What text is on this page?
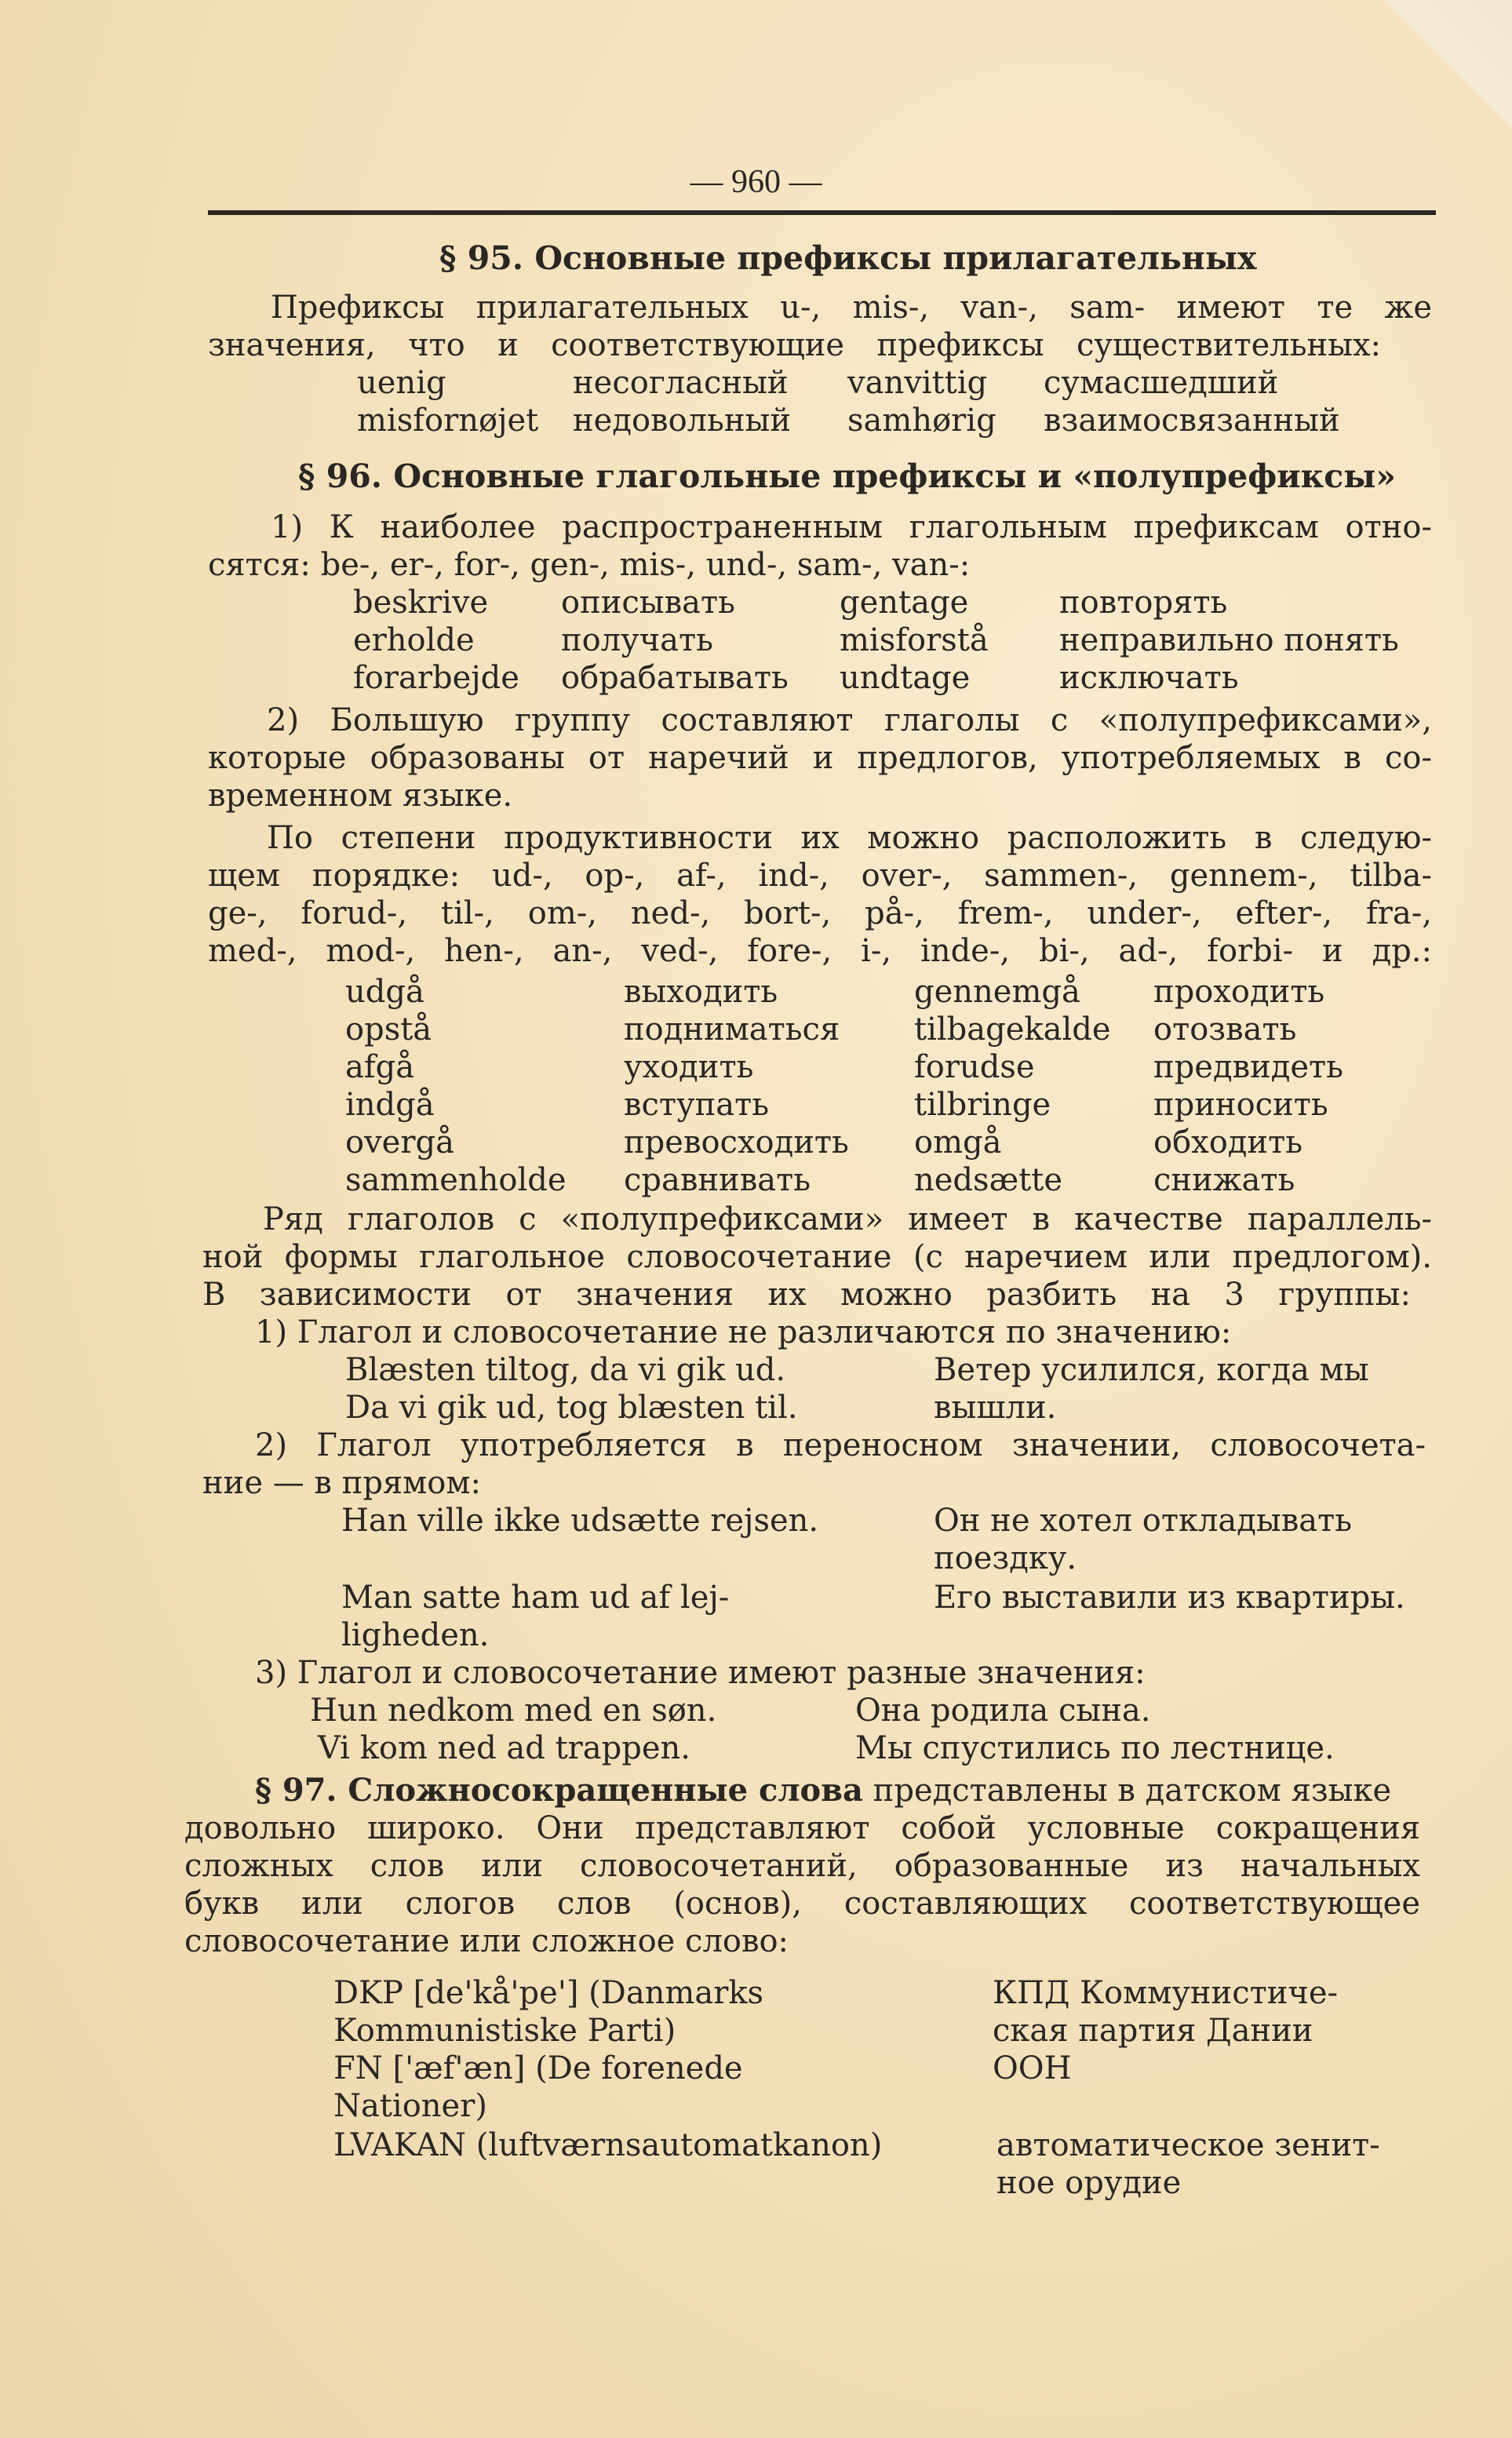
— 960 —
§ 95. Основные префиксы прилагательных
Префиксы прилагательных u-, mis-, van-, sam- имеют те же
значения, что и соответствующие префиксы существительных:
uenig	несогласный vanvittig сумасшедший
misfornøjet недовольный samhørig взаимосвязанный
§ 96. Основные глагольные префиксы и «полупрефиксы»
1) К наиболее распространенным глагольным префиксам отно-
сятся: be-, er-, for-, gen-, mis-, und-, sam-, van-:
beskrive описывать	gentage	повторять
erholde	получать	misforstå неправильно понять
forarbejde обрабатывать undtage	исключать
2) Большую группу составляют глаголы с «полупрефиксами»,
которые образованы от наречий и предлогов, употребляемых в со-
временном языке.
По степени продуктивности их можно расположить в следую-
щем порядке: ud-, op-, af-, ind-, over-, sammen-, gennem-, tilba-
ge-, forud-, til-, om-, ned-, bort-, på-, frem-, under-, efter-, fra-,
med-, mod-, hen-, an-, ved-, fore-, i-, inde-, bi-, ad-, forbi- и др.:
udgå	выходить	gennemgå проходить
opstå	подниматься tilbagekalde отозвать
afgå	уходить	forudse	предвидеть
indgå	вступать	tilbringe	приносить
overgå	превосходить omgå	обходить
sammenholde сравнивать	nedsætte	снижать
Ряд глаголов с «полупрефиксами» имеет в качестве параллель-
ной формы глагольное словосочетание (с наречием или предлогом).
В зависимости от значения их можно разбить на 3 группы:
1) Глагол и словосочетание не различаются по значению:
Blæsten tiltog, da vi gik ud.	Ветер усилился, когда мы
Da vi gik ud, tog blæsten til.	вышли.
2) Глагол употребляется в переносном значении, словосочета-
ние — в прямом:
Han ville ikke udsætte rejsen.	Он не хотел откладывать
поездку.
Man satte ham ud af lej-	Его выставили из квартиры.
ligheden.
3) Глагол и словосочетание имеют разные значения:
Hun nedkom med en søn.	Она родила сына.
Vi kom ned ad trappen.	Мы спустились по лестнице.
§ 97. Сложносокращенные слова представлены в датском языке
довольно широко. Они представляют собой условные сокращения
сложных слов или словосочетаний, образованные из начальных
букв или слогов слов (основ), составляющих соответствующее
словосочетание или сложное слово:
DKP [de'kå'pe'] (Danmarks	КПД Коммунистиче-
Kommunistiske Parti)	ская партия Дании
FN ['æf'æn] (De forenede	ООН
Nationer)
LVAKAN (luftværnsautomatkanon)	автоматическое зенит-
ное орудие
